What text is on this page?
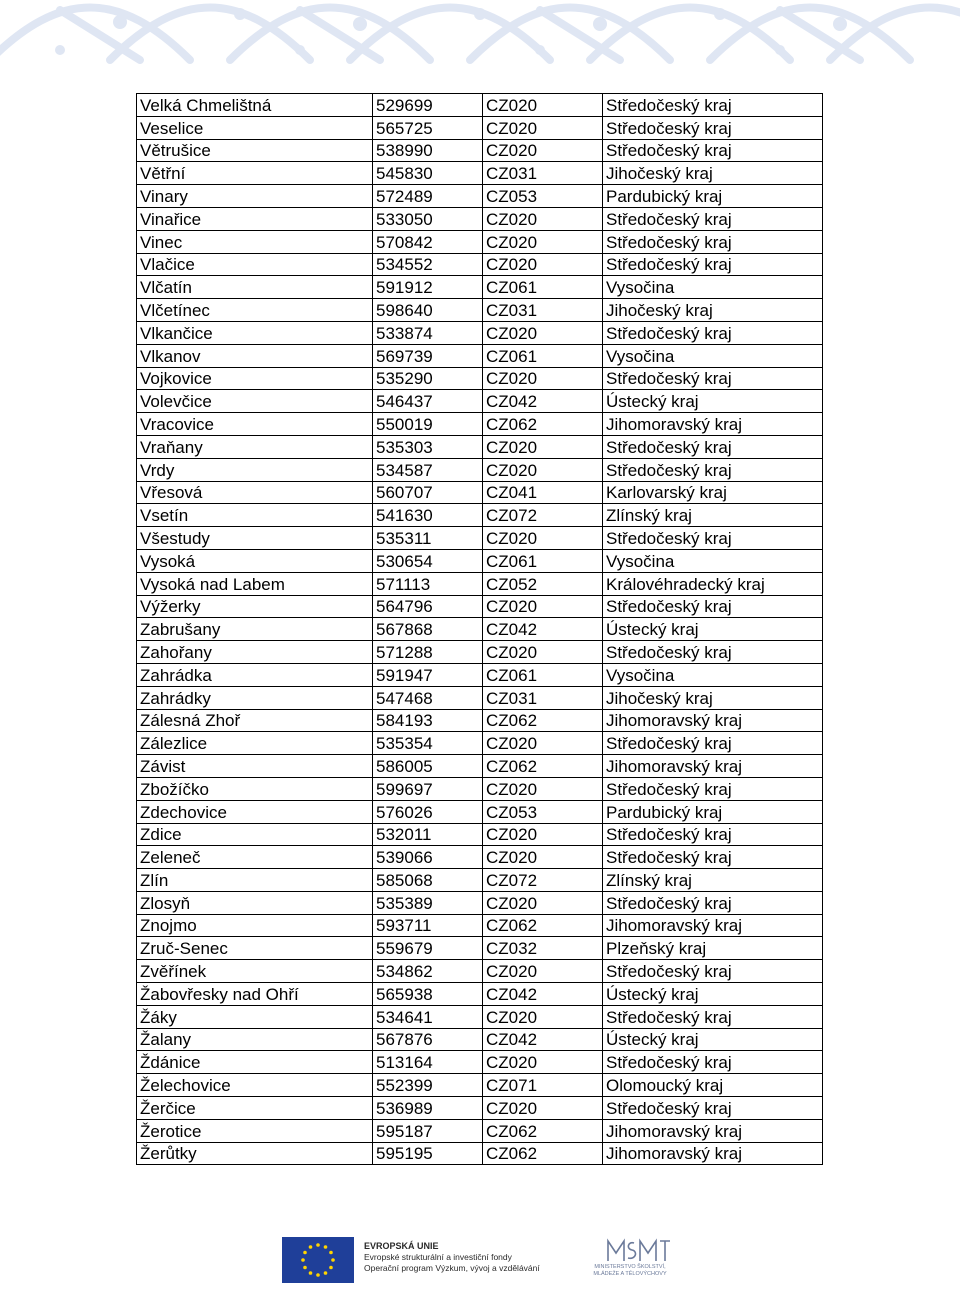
Velká Chmelištná	529699	CZ020	Středočeský kraj
Veselice	565725	CZ020	Středočeský kraj
Větrušice	538990	CZ020	Středočeský kraj
Větřní	545830	CZ031	Jihočeský kraj
Vinary	572489	CZ053	Pardubický kraj
Vinařice	533050	CZ020	Středočeský kraj
Vinec	570842	CZ020	Středočeský kraj
Vlačice	534552	CZ020	Středočeský kraj
Vlčatín	591912	CZ061	Vysočina
Vlčetínec	598640	CZ031	Jihočeský kraj
Vlkančice	533874	CZ020	Středočeský kraj
Vlkanov	569739	CZ061	Vysočina
Vojkovice	535290	CZ020	Středočeský kraj
Volevčice	546437	CZ042	Ústecký kraj
Vracovice	550019	CZ062	Jihomoravský kraj
Vraňany	535303	CZ020	Středočeský kraj
Vrdy	534587	CZ020	Středočeský kraj
Vřesová	560707	CZ041	Karlovarský kraj
Vsetín	541630	CZ072	Zlínský kraj
Všestudy	535311	CZ020	Středočeský kraj
Vysoká	530654	CZ061	Vysočina
Vysoká nad Labem	571113	CZ052	Královéhradecký kraj
Výžerky	564796	CZ020	Středočeský kraj
Zabrušany	567868	CZ042	Ústecký kraj
Zahořany	571288	CZ020	Středočeský kraj
Zahrádka	591947	CZ061	Vysočina
Zahrádky	547468	CZ031	Jihočeský kraj
Zálesná Zhoř	584193	CZ062	Jihomoravský kraj
Zálezlice	535354	CZ020	Středočeský kraj
Závist	586005	CZ062	Jihomoravský kraj
Zbožíčko	599697	CZ020	Středočeský kraj
Zdechovice	576026	CZ053	Pardubický kraj
Zdice	532011	CZ020	Středočeský kraj
Zeleneč	539066	CZ020	Středočeský kraj
Zlín	585068	CZ072	Zlínský kraj
Zlosyň	535389	CZ020	Středočeský kraj
Znojmo	593711	CZ062	Jihomoravský kraj
Zruč-Senec	559679	CZ032	Plzeňský kraj
Zvěřínek	534862	CZ020	Středočeský kraj
Žabovřesky nad Ohří	565938	CZ042	Ústecký kraj
Žáky	534641	CZ020	Středočeský kraj
Žalany	567876	CZ042	Ústecký kraj
Ždánice	513164	CZ020	Středočeský kraj
Želechovice	552399	CZ071	Olomoucký kraj
Žerčice	536989	CZ020	Středočeský kraj
Žerotice	595187	CZ062	Jihomoravský kraj
Žerůtky	595195	CZ062	Jihomoravský kraj
EVROPSKÁ UNIE
Evropské strukturální a investiční fondy
Operační program Výzkum, vývoj a vzdělávání	MINISTERSTVO ŠKOLSTVÍ,
MLÁDEŽE A TĚLOVÝCHOVY
